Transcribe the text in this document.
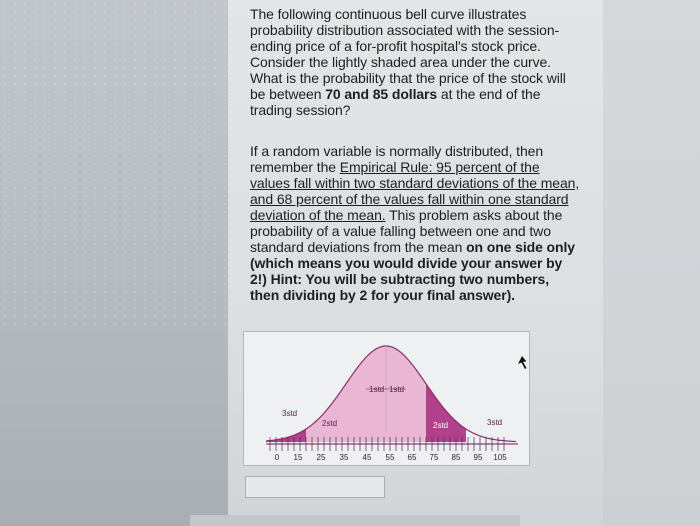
The following continuous bell curve illustrates probability distribution associated with the session-ending price of a for-profit hospital's stock price. Consider the lightly shaded area under the curve. What is the probability that the price of the stock will be between 70 and 85 dollars at the end of the trading session?
If a random variable is normally distributed, then remember the Empirical Rule: 95 percent of the values fall within two standard deviations of the mean, and 68 percent of the values fall within one standard deviation of the mean. This problem asks about the probability of a value falling between one and two standard deviations from the mean on one side only (which means you would divide your answer by 2!) Hint: You will be subtracting two numbers, then dividing by 2 for your final answer).
1std 1std
2std	2std
3std
3std
0 15 25 35 45 55 65 75 85 95 105
